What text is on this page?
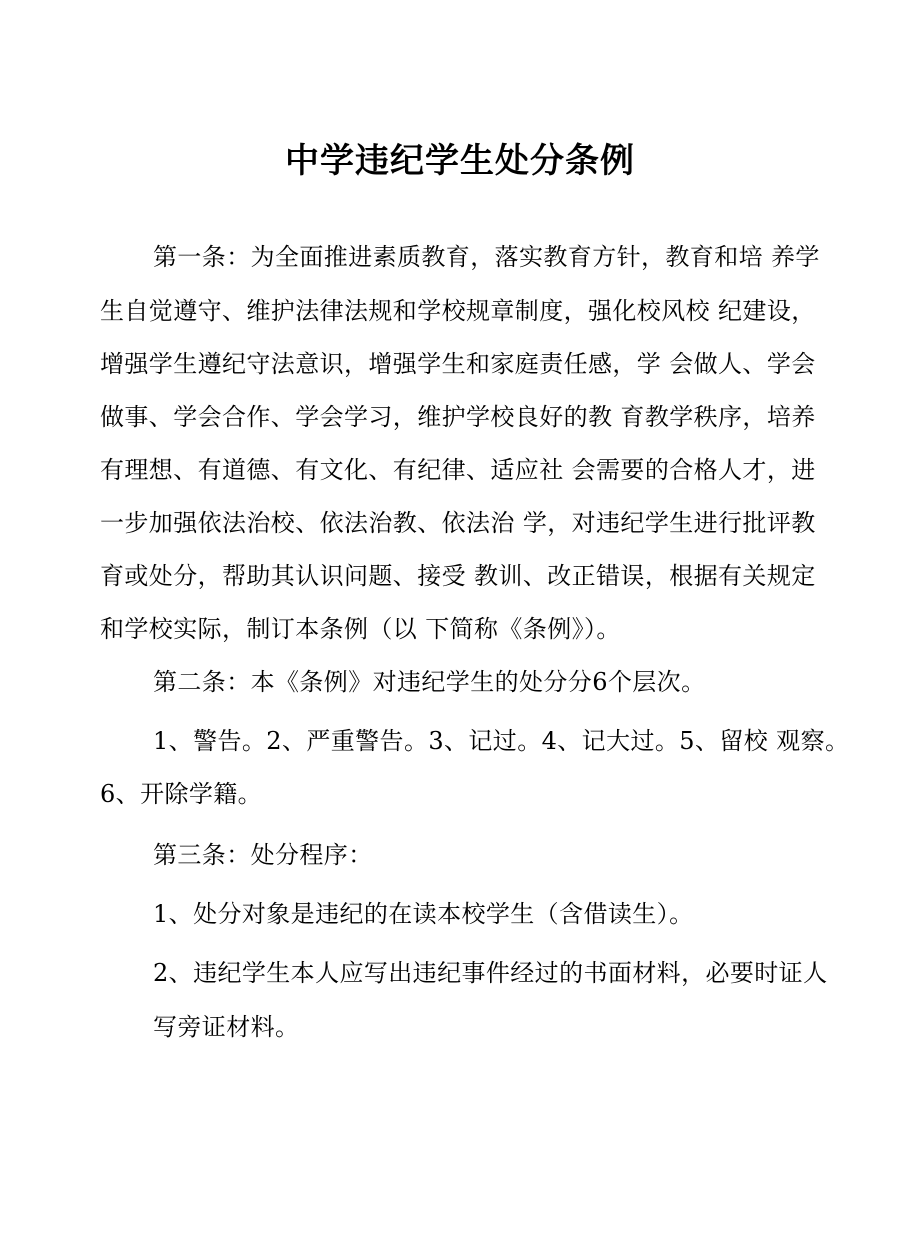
中学违纪学生处分条例
第一条：为全面推进素质教育，落实教育方针，教育和培 养学
生自觉遵守、维护法律法规和学校规章制度，强化校风校 纪建设，
增强学生遵纪守法意识，增强学生和家庭责任感，学 会做人、学会
做事、学会合作、学会学习，维护学校良好的教 育教学秩序，培养
有理想、有道德、有文化、有纪律、适应社 会需要的合格人才，进
一步加强依法治校、依法治教、依法治 学，对违纪学生进行批评教
育或处分，帮助其认识问题、接受 教训、改正错误，根据有关规定
和学校实际，制订本条例（以 下简称《条例》）。
第二条：本《条例》对违纪学生的处分分6个层次。
1、警告。2、严重警告。3、记过。4、记大过。5、留校 观察。
6、开除学籍。
第三条：处分程序：
1、处分对象是违纪的在读本校学生（含借读生）。
2、违纪学生本人应写出违纪事件经过的书面材料，必要时证人
写旁证材料。
